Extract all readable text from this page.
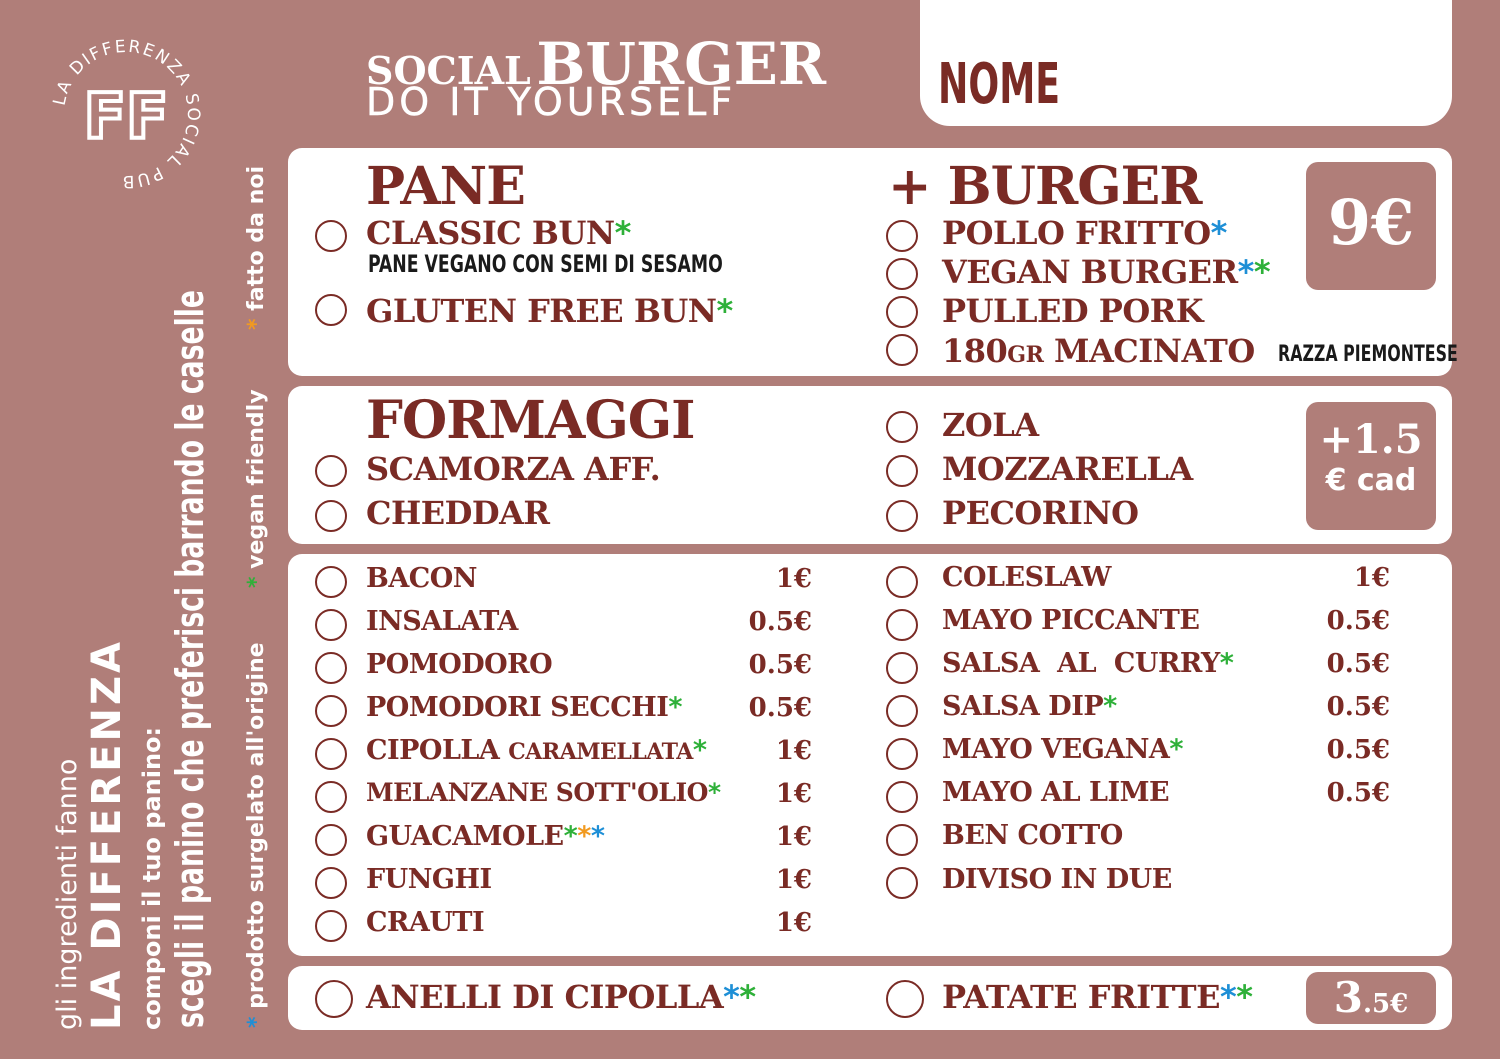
LA DIFFERENZA SOCIAL PUB
FF
gli ingredienti fanno LA DIFFERENZA componi il tuo panino: scegli il panino che preferisci barrando le caselle * prodotto surgelato all'origine
* vegan friendly
* fatto da noi
SOCIAL BURGER
DO IT YOURSELF	NOME
PANE
CLASSIC BUN*
PANE VEGANO CON SEMI DI SESAMO
GLUTEN FREE BUN*
+ BURGER	9€
POLLO FRITTO*
VEGAN BURGER**
PULLED PORK
180GR MACINATO RAZZA PIEMONTESE
FORMAGGI
SCAMORZA AFF.
CHEDDAR
ZOLA
MOZZARELLA
PECORINO
+1.5
€ cad
BACON	1€
INSALATA	0.5€
POMODORO	0.5€
POMODORI SECCHI*	0.5€
CIPOLLA CARAMELLATA*	1€
MELANZANE SOTT'OLIO*	1€
GUACAMOLE***	1€
FUNGHI	1€
CRAUTI	1€
COLESLAW	1€
MAYO PICCANTE	0.5€
SALSA  AL  CURRY*	0.5€
SALSA DIP*	0.5€
MAYO VEGANA*	0.5€
MAYO AL LIME	0.5€
BEN COTTO
DIVISO IN DUE
ANELLI DI CIPOLLA**	PATATE FRITTE**	3.5€
